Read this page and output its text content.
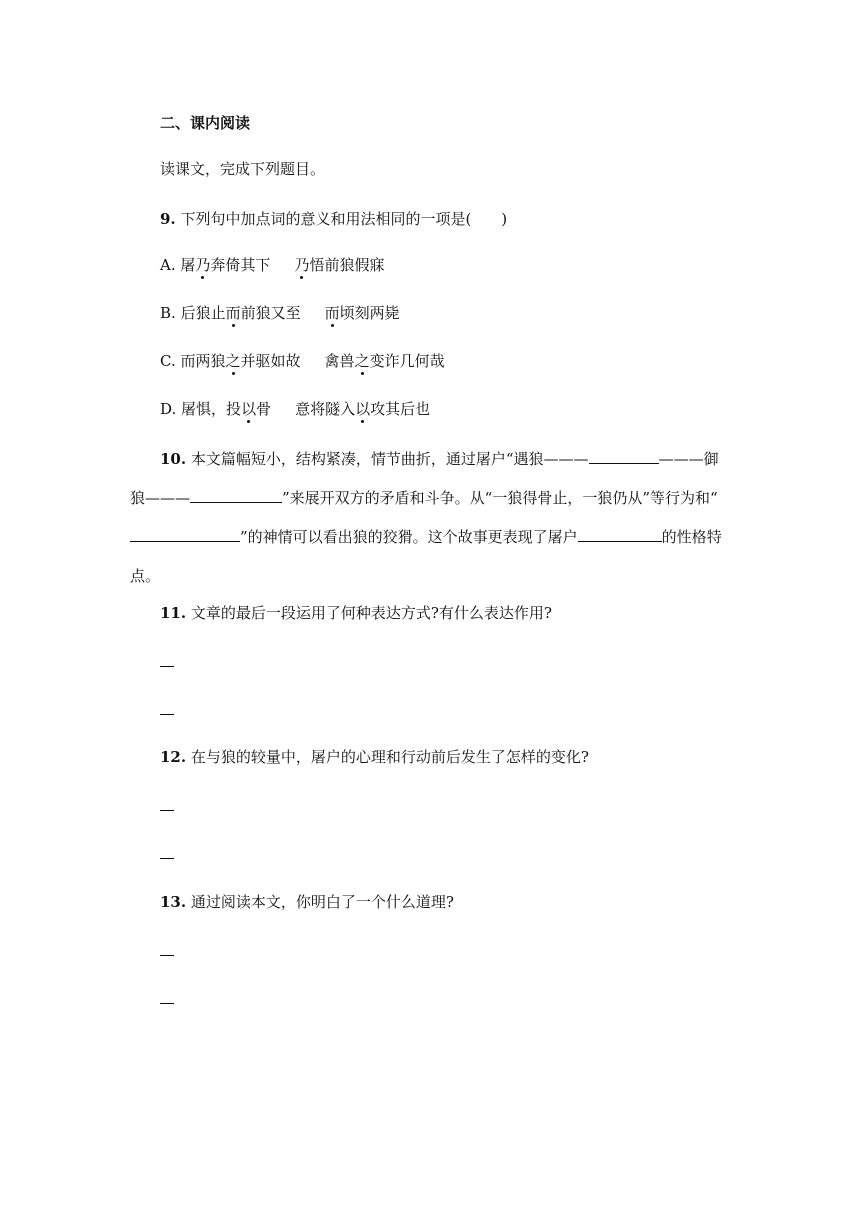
二、课内阅读
读课文，完成下列题目。
9. 下列句中加点词的意义和用法相同的一项是(　　)
A. 屠乃奔倚其下 乃悟前狼假寐
B. 后狼止而前狼又至 而顷刻两毙
C. 而两狼之并驱如故 禽兽之变诈几何哉
D. 屠惧，投以骨 意将隧入以攻其后也
10. 本文篇幅短小，结构紧凑，情节曲折，通过屠户“遇狼———	———御狼———	”来展开双方的矛盾和斗争。从“一狼得骨止，一狼仍从”等行为和“”的神情可以看出狼的狡猾。这个故事更表现了屠户	的性格特点。
11. 文章的最后一段运用了何种表达方式?有什么表达作用?
12. 在与狼的较量中，屠户的心理和行动前后发生了怎样的变化?
13. 通过阅读本文，你明白了一个什么道理?
